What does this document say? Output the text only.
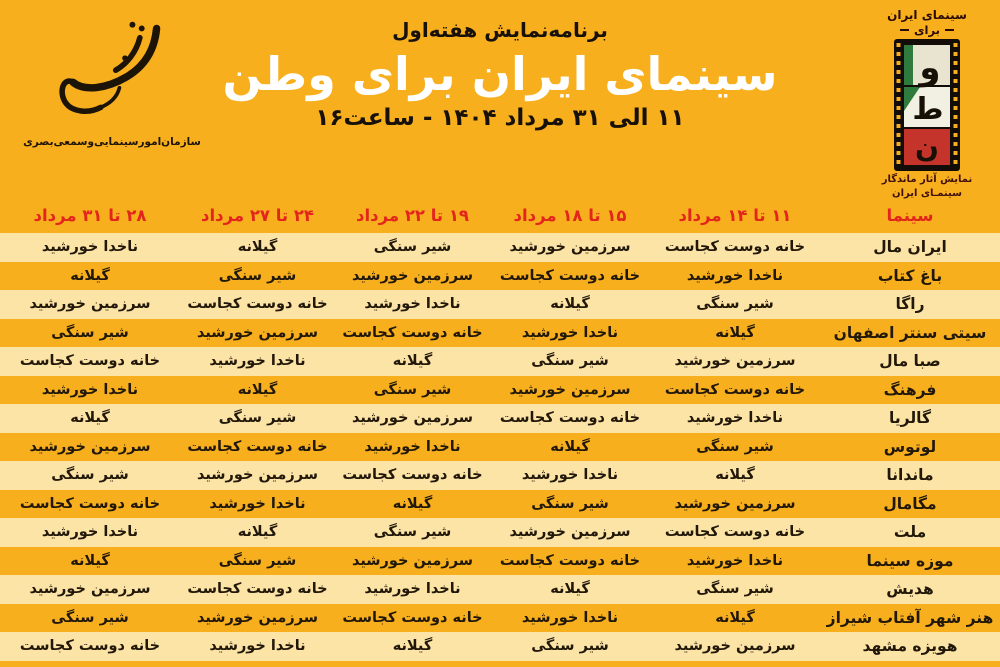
سازمان‌امورسینمایی‌وسمعی‌بصری
برنامه‌نمایش هفته‌اول
سینمای ایران برای وطن
۱۱ الی ۳۱ مرداد ۱۴۰۴ - ساعت۱۶
سینمای ایران
برای
و
ط
ن
نمایش آثار ماندگار
سینمـای ایران
سینما
۱۱ تا ۱۴ مرداد
۱۵ تا ۱۸ مرداد
۱۹ تا ۲۲ مرداد
۲۴ تا ۲۷ مرداد
۲۸ تا ۳۱ مرداد
ایران مال
خانه دوست کجاست
سرزمین خورشید
شیر سنگی
گیلانه
ناخدا خورشید
باغ کتاب
ناخدا خورشید
خانه دوست کجاست
سرزمین خورشید
شیر سنگی
گیلانه
راگا
شیر سنگی
گیلانه
ناخدا خورشید
خانه دوست کجاست
سرزمین خورشید
سیتی سنتر اصفهان
گیلانه
ناخدا خورشید
خانه دوست کجاست
سرزمین خورشید
شیر سنگی
صبا مال
سرزمین خورشید
شیر سنگی
گیلانه
ناخدا خورشید
خانه دوست کجاست
فرهنگ
خانه دوست کجاست
سرزمین خورشید
شیر سنگی
گیلانه
ناخدا خورشید
گالریا
ناخدا خورشید
خانه دوست کجاست
سرزمین خورشید
شیر سنگی
گیلانه
لوتوس
شیر سنگی
گیلانه
ناخدا خورشید
خانه دوست کجاست
سرزمین خورشید
ماندانا
گیلانه
ناخدا خورشید
خانه دوست کجاست
سرزمین خورشید
شیر سنگی
مگامال
سرزمین خورشید
شیر سنگی
گیلانه
ناخدا خورشید
خانه دوست کجاست
ملت
خانه دوست کجاست
سرزمین خورشید
شیر سنگی
گیلانه
ناخدا خورشید
موزه سینما
ناخدا خورشید
خانه دوست کجاست
سرزمین خورشید
شیر سنگی
گیلانه
هدیش
شیر سنگی
گیلانه
ناخدا خورشید
خانه دوست کجاست
سرزمین خورشید
هنر شهر آفتاب شیراز
گیلانه
ناخدا خورشید
خانه دوست کجاست
سرزمین خورشید
شیر سنگی
هویزه مشهد
سرزمین خورشید
شیر سنگی
گیلانه
ناخدا خورشید
خانه دوست کجاست
